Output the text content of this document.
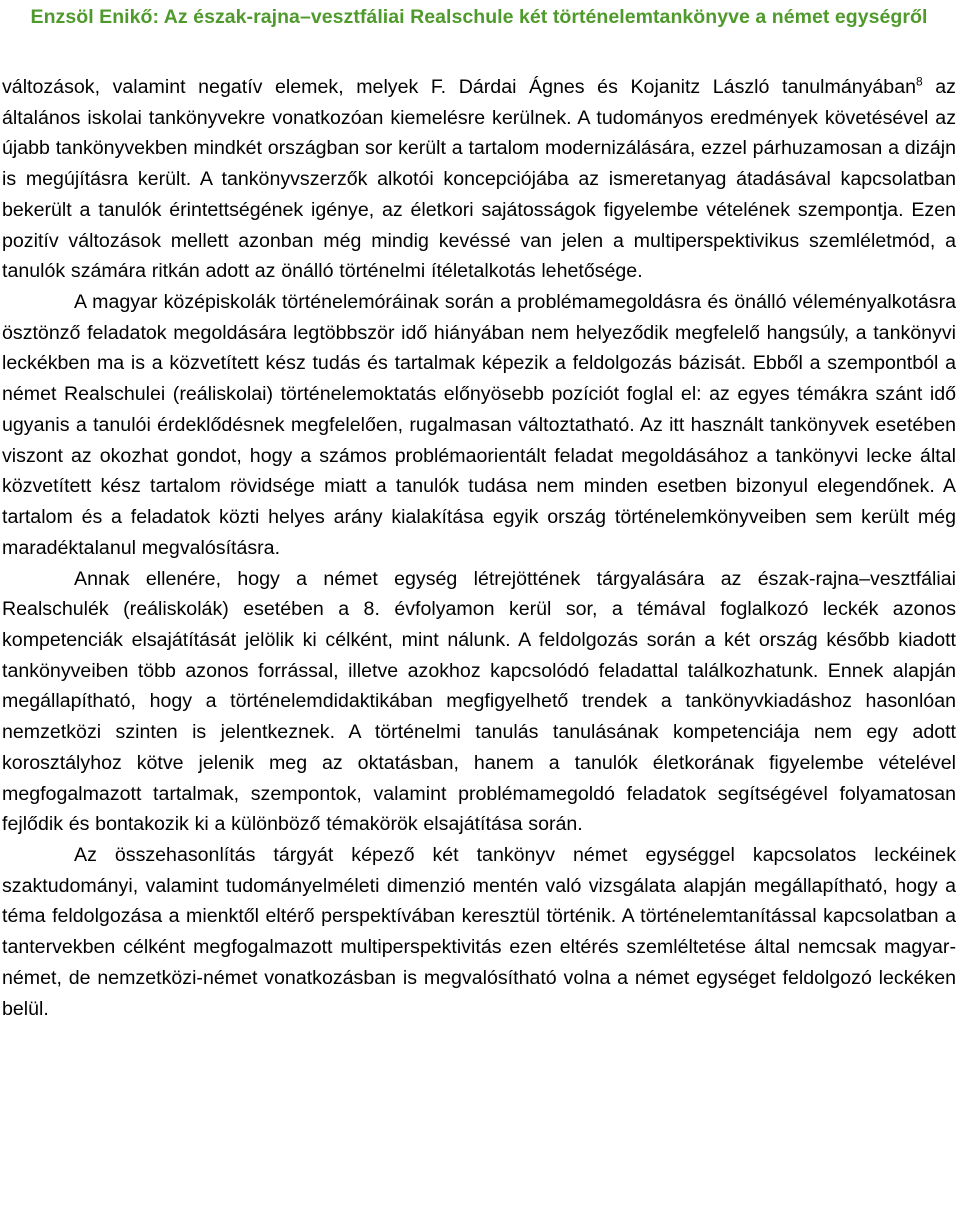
Enzsöl Enikő: Az észak-rajna–vesztfáliai Realschule két történelemtankönyve a német egységről

változások, valamint negatív elemek, melyek F. Dárdai Ágnes és Kojanitz László tanulmányában$^8$ az általános iskolai tankönyvekre vonatkozóan kiemelésre kerülnek. A tudományos eredmények követésével az újabb tankönyvekben mindkét országban sor került a tartalom modernizálására, ezzel párhuzamosan a dizájn is megújításra került. A tankönyvszerzők alkotói koncepciójába az ismeretanyag átadásával kapcsolatban bekerült a tanulók érintettségének igénye, az életkori sajátosságok figyelembe vételének szempontja. Ezen pozitív változások mellett azonban még mindig kevéssé van jelen a multiperspektivikus szemléletmód, a tanulók számára ritkán adott az önálló történelmi ítéletalkotás lehetősége.

A magyar középiskolák történelemóráinak során a problémamegoldásra és önálló véleményalkotásra ösztönző feladatok megoldására legtöbbször idő hiányában nem helyeződik megfelelő hangsúly, a tankönyvi leckékben ma is a közvetített kész tudás és tartalmak képezik a feldolgozás bázisát. Ebből a szempontból a német Realschulei (reáliskolai) történelemoktatás előnyösebb pozíciót foglal el: az egyes témákra szánt idő ugyanis a tanulói érdeklődésnek megfelelően, rugalmasan változtatható. Az itt használt tankönyvek esetében viszont az okozhat gondot, hogy a számos problémaorientált feladat megoldásához a tankönyvi lecke által közvetített kész tartalom rövidsége miatt a tanulók tudása nem minden esetben bizonyul elegendőnek. A tartalom és a feladatok közti helyes arány kialakítása egyik ország történelemkönyveiben sem került még maradéktalanul megvalósításra.

Annak ellenére, hogy a német egység létrejöttének tárgyalására az észak-rajna–vesztfáliai Realschulék (reáliskolák) esetében a 8. évfolyamon kerül sor, a témával foglalkozó leckék azonos kompetenciák elsajátítását jelölik ki célként, mint nálunk. A feldolgozás során a két ország később kiadott tankönyveiben több azonos forrással, illetve azokhoz kapcsolódó feladattal találkozhatunk. Ennek alapján megállapítható, hogy a történelemdidaktikában megfigyelhető trendek a tankönyvkiadáshoz hasonlóan nemzetközi szinten is jelentkeznek. A történelmi tanulás tanulásának kompetenciája nem egy adott korosztályhoz kötve jelenik meg az oktatásban, hanem a tanulók életkorának figyelembe vételével megfogalmazott tartalmak, szempontok, valamint problémamegoldó feladatok segítségével folyamatosan fejlődik és bontakozik ki a különböző témakörök elsajátítása során.

Az összehasonlítás tárgyát képező két tankönyv német egységgel kapcsolatos leckéinek szaktudományi, valamint tudományelméleti dimenzió mentén való vizsgálata alapján megállapítható, hogy a téma feldolgozása a mienktől eltérő perspektívában keresztül történik. A történelemtanítással kapcsolatban a tantervekben célként megfogalmazott multiperspektivitás ezen eltérés szemléltetése által nemcsak magyar-német, de nemzetközi-német vonatkozásban is megvalósítható volna a német egységet feldolgozó leckéken belül.
